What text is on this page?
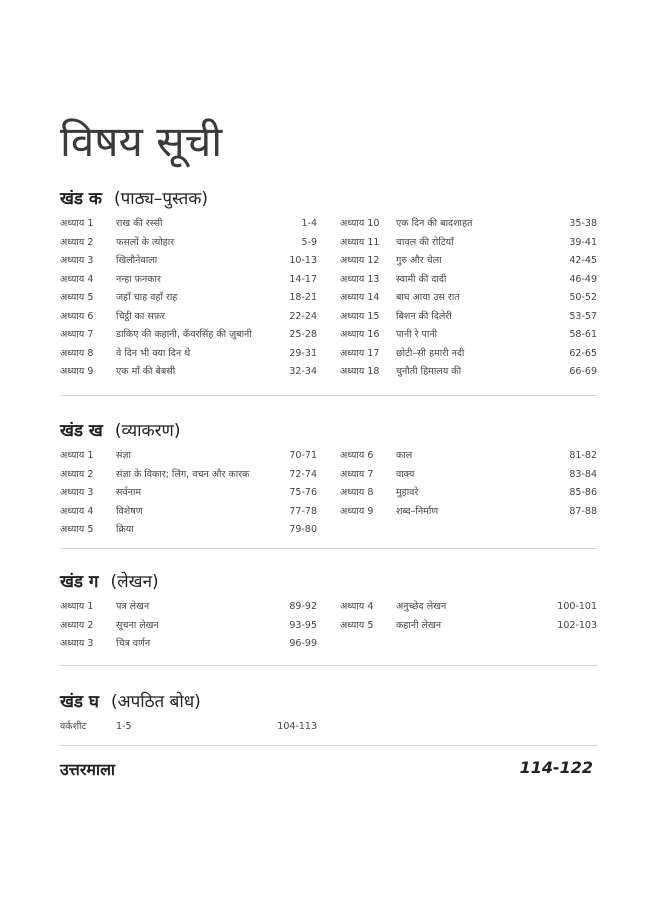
विषय सूची
खंड क (पाठ्य–पुस्तक)
अध्याय 1	राख की रस्सी	1-4
अध्याय 2	फसलों के त्योहार	5-9
अध्याय 3	खिलौनेवाला	10-13
अध्याय 4	नन्हा फ़नकार	14-17
अध्याय 5	जहाँ चाह वहाँ राह	18-21
अध्याय 6	चिट्ठी का सफ़र	22-24
अध्याय 7	डाकिए की कहानी, कँवरसिंह की ज़ुबानी	25-28
अध्याय 8	वे दिन भी क्या दिन थे	29-31
अध्याय 9	एक माँ की बेबसी	32-34
अध्याय 10	एक दिन की बादशाहत	35-38
अध्याय 11	चावल की रोटियाँ	39-41
अध्याय 12	गुरु और चेला	42-45
अध्याय 13	स्वामी की दादी	46-49
अध्याय 14	बाघ आया उस रात	50-52
अध्याय 15	बिशन की दिलेरी	53-57
अध्याय 16	पानी रे पानी	58-61
अध्याय 17	छोटी–सी हमारी नदी	62-65
अध्याय 18	चुनौती हिमालय की	66-69
खंड ख (व्याकरण)
अध्याय 1	संज्ञा	70-71
अध्याय 2	संज्ञा के विकार; लिंग, वचन और कारक	72-74
अध्याय 3	सर्वनाम	75-76
अध्याय 4	विशेषण	77-78
अध्याय 5	क्रिया	79-80
अध्याय 6	काल	81-82
अध्याय 7	वाक्य	83-84
अध्याय 8	मुहावरे	85-86
अध्याय 9	शब्द–निर्माण	87-88
खंड ग (लेखन)
अध्याय 1	पत्र लेखन	89-92
अध्याय 2	सूचना लेखन	93-95
अध्याय 3	चित्र वर्णन	96-99
अध्याय 4	अनुच्छेद लेखन	100-101
अध्याय 5	कहानी लेखन	102-103
खंड घ (अपठित बोध)
वर्कशीट	1-5	104-113
उत्तरमाला	114-122
